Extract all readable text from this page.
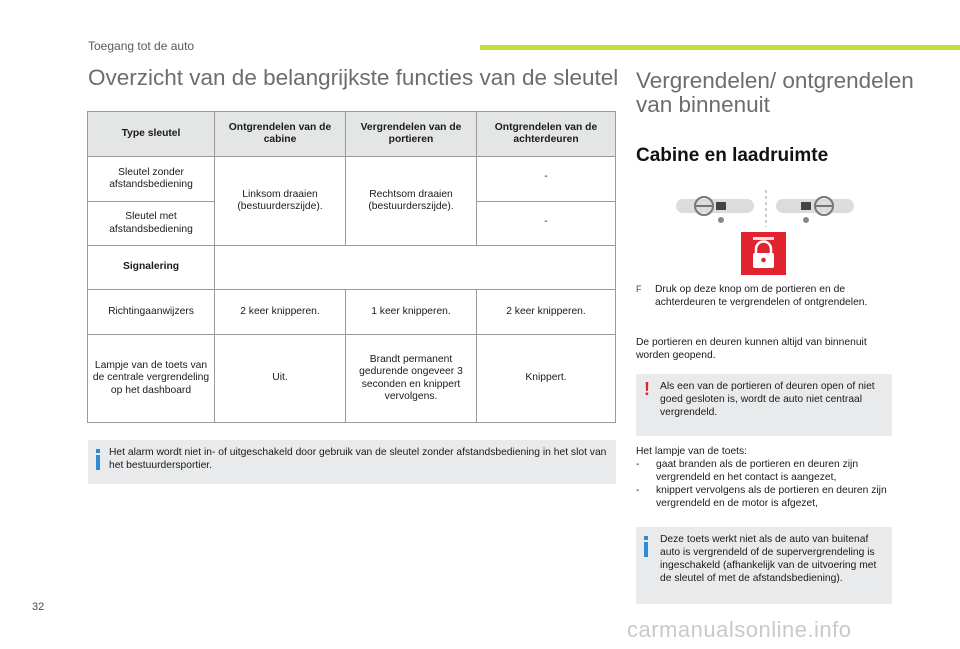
Toegang tot de auto
Overzicht van de belangrijkste functies van de sleutel
Type sleutel	Ontgrendelen van de cabine	Vergrendelen van de portieren	Ontgrendelen van de achterdeuren
Sleutel zonder afstandsbediening	Linksom draaien (bestuurderszijde).	Rechtsom draaien (bestuurderszijde).	-
Sleutel met afstandsbediening			-
Signalering			
Richtingaanwijzers	2 keer knipperen.	1 keer knipperen.	2 keer knipperen.
Lampje van de toets van de centrale vergrendeling op het dashboard	Uit.	Brandt permanent gedurende ongeveer 3 seconden en knippert vervolgens.	Knippert.
Het alarm wordt niet in- of uitgeschakeld door gebruik van de sleutel zonder afstandsbediening in het slot van het bestuurdersportier.
Vergrendelen/ ontgrendelen van binnenuit
Cabine en laadruimte
F Druk op deze knop om de portieren en de achterdeuren te vergrendelen of ontgrendelen.
De portieren en deuren kunnen altijd van binnenuit worden geopend.
! Als een van de portieren of deuren open of niet goed gesloten is, wordt de auto niet centraal vergrendeld.
Het lampje van de toets:
- gaat branden als de portieren en deuren zijn vergrendeld en het contact is aangezet,
- knippert vervolgens als de portieren en deuren zijn vergrendeld en de motor is afgezet,
Deze toets werkt niet als de auto van buitenaf auto is vergrendeld of de supervergrendeling is ingeschakeld (afhankelijk van de uitvoering met de sleutel of met de afstandsbediening).
32
carmanualsonline.info
